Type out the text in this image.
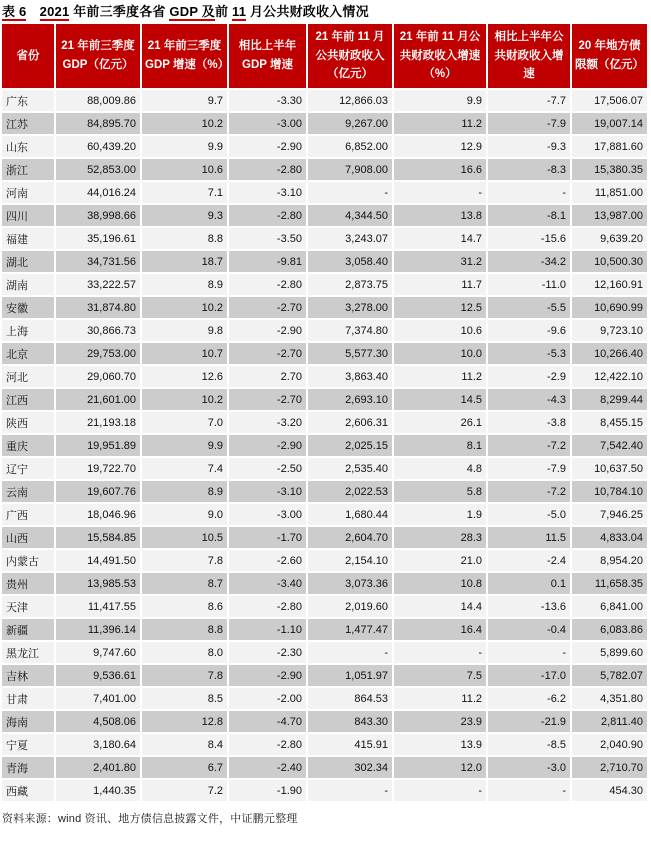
表 6　 2021 年前三季度各省 GDP 及前 11 月公共财政收入情况
省份	21 年前三季度 GDP（亿元）	21 年前三季度 GDP 增速（%）	相比上半年 GDP 增速	21 年前 11 月公共财政收入（亿元）	21 年前 11 月公共财政收入增速（%）	相比上半年公共财政收入增速	20 年地方债限额（亿元）
广东	88,009.86	9.7	-3.30	12,866.03	9.9	-7.7	17,506.07
江苏	84,895.70	10.2	-3.00	9,267.00	11.2	-7.9	19,007.14
山东	60,439.20	9.9	-2.90	6,852.00	12.9	-9.3	17,881.60
浙江	52,853.00	10.6	-2.80	7,908.00	16.6	-8.3	15,380.35
河南	44,016.24	7.1	-3.10	-	-	-	11,851.00
四川	38,998.66	9.3	-2.80	4,344.50	13.8	-8.1	13,987.00
福建	35,196.61	8.8	-3.50	3,243.07	14.7	-15.6	9,639.20
湖北	34,731.56	18.7	-9.81	3,058.40	31.2	-34.2	10,500.30
湖南	33,222.57	8.9	-2.80	2,873.75	11.7	-11.0	12,160.91
安徽	31,874.80	10.2	-2.70	3,278.00	12.5	-5.5	10,690.99
上海	30,866.73	9.8	-2.90	7,374.80	10.6	-9.6	9,723.10
北京	29,753.00	10.7	-2.70	5,577.30	10.0	-5.3	10,266.40
河北	29,060.70	12.6	2.70	3,863.40	11.2	-2.9	12,422.10
江西	21,601.00	10.2	-2.70	2,693.10	14.5	-4.3	8,299.44
陕西	21,193.18	7.0	-3.20	2,606.31	26.1	-3.8	8,455.15
重庆	19,951.89	9.9	-2.90	2,025.15	8.1	-7.2	7,542.40
辽宁	19,722.70	7.4	-2.50	2,535.40	4.8	-7.9	10,637.50
云南	19,607.76	8.9	-3.10	2,022.53	5.8	-7.2	10,784.10
广西	18,046.96	9.0	-3.00	1,680.44	1.9	-5.0	7,946.25
山西	15,584.85	10.5	-1.70	2,604.70	28.3	11.5	4,833.04
内蒙古	14,491.50	7.8	-2.60	2,154.10	21.0	-2.4	8,954.20
贵州	13,985.53	8.7	-3.40	3,073.36	10.8	0.1	11,658.35
天津	11,417.55	8.6	-2.80	2,019.60	14.4	-13.6	6,841.00
新疆	11,396.14	8.8	-1.10	1,477.47	16.4	-0.4	6,083.86
黑龙江	9,747.60	8.0	-2.30	-	-	-	5,899.60
吉林	9,536.61	7.8	-2.90	1,051.97	7.5	-17.0	5,782.07
甘肃	7,401.00	8.5	-2.00	864.53	11.2	-6.2	4,351.80
海南	4,508.06	12.8	-4.70	843.30	23.9	-21.9	2,811.40
宁夏	3,180.64	8.4	-2.80	415.91	13.9	-8.5	2,040.90
青海	2,401.80	6.7	-2.40	302.34	12.0	-3.0	2,710.70
西藏	1,440.35	7.2	-1.90	-	-	-	454.30
资料来源：wind 资讯、地方债信息披露文件，中证鹏元整理
